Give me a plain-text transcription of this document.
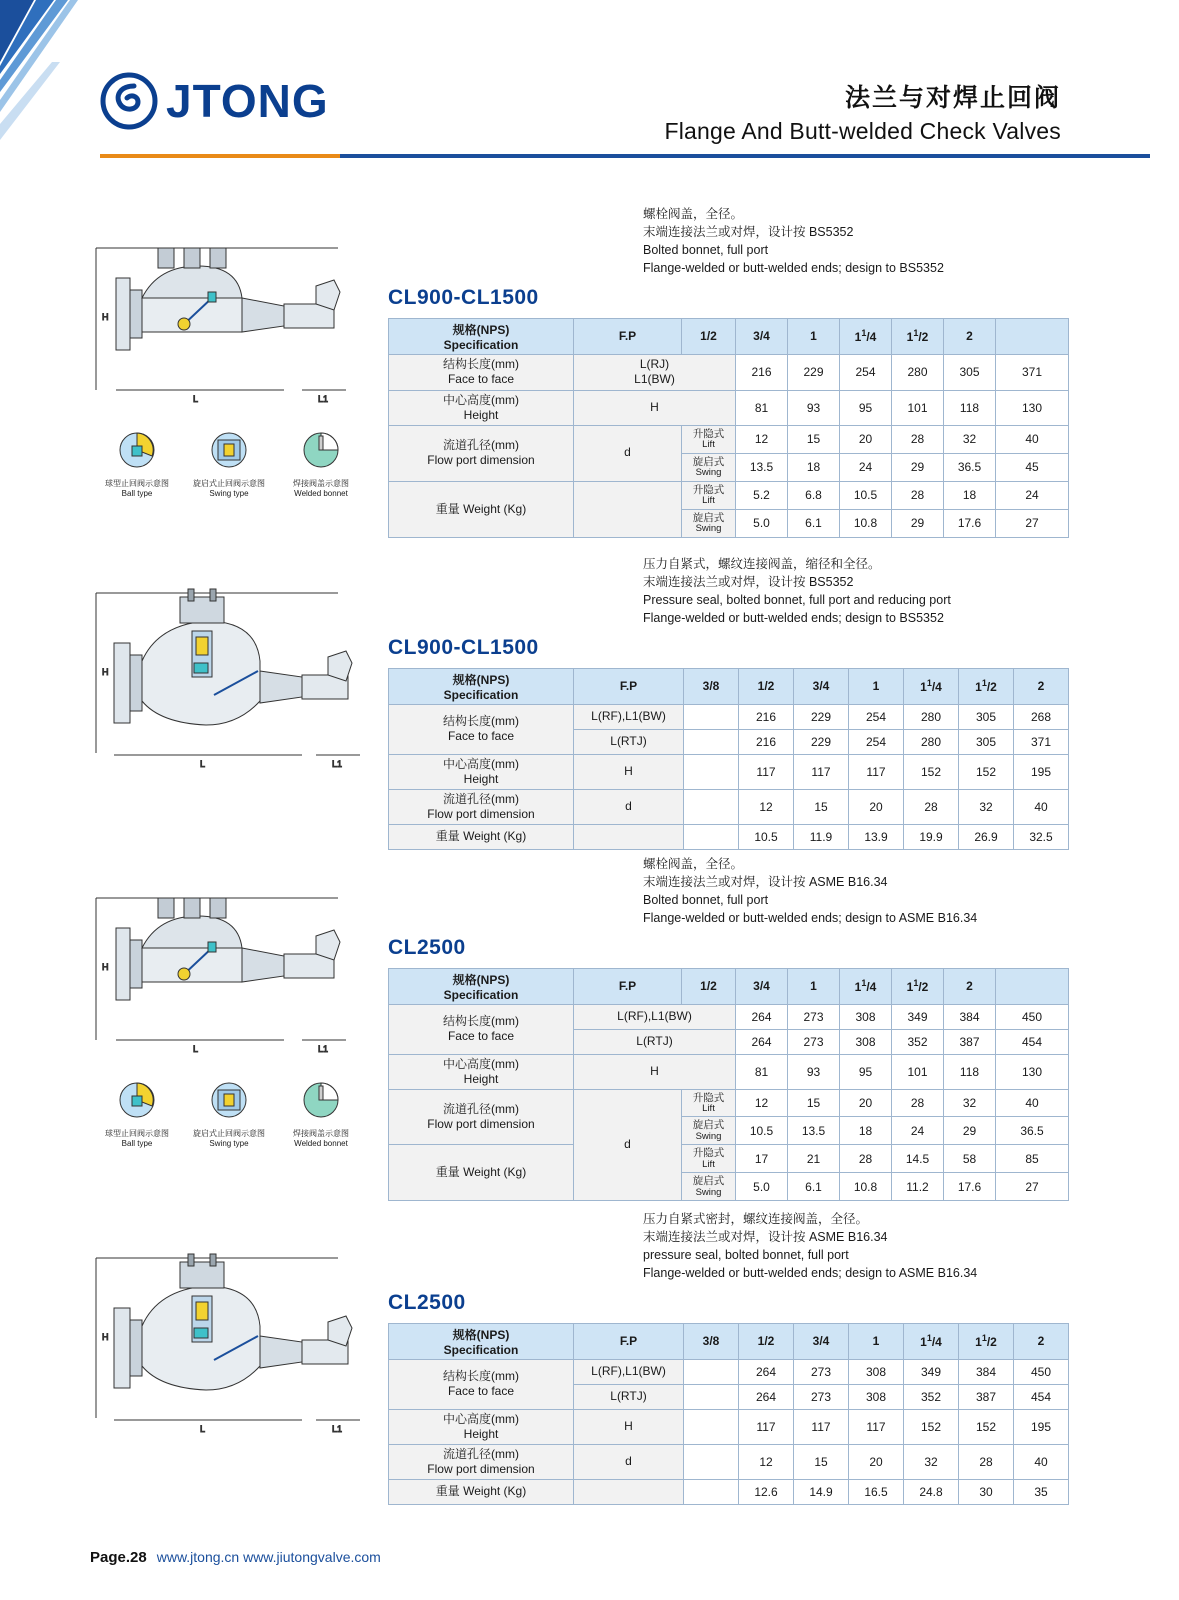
JTONG	法兰与对焊止回阀
Flange And Butt-welded Check Valves
螺栓阀盖，全径。
末端连接法兰或对焊，设计按 BS5352
Bolted bonnet, full port
Flange-welded or butt-welded ends; design to BS5352
CL900-CL1500
规格(NPS)
Specification	F.P	1/2	3/4	1	$1^1/4$	$1^1/2$	2		

结构长度(mm)
Face to face	L(RJ)
L1(BW)		216	229	254	280	305	371	

中心高度(mm)
Height	H		81	93	95	101	118	130	

流道孔径(mm)
Flow port dimension	d	升隐式
Lift	12	15	20	28	32	40	

		旋启式
Swing	13.5	18	24	29	36.5	45	

重量 Weight (Kg)		升隐式
Lift	5.2	6.8	10.5	28	18	24	

		旋启式
Swing	5.0	6.1	10.8	29	17.6	27	
H
L	L1
球型止回阀示意图
Ball type
旋启式止回阀示意图
Swing type
焊接阀盖示意图
Welded bonnet
压力自紧式，螺纹连接阀盖，缩径和全径。
末端连接法兰或对焊，设计按 BS5352
Pressure seal, bolted bonnet, full port and reducing port
Flange-welded or butt-welded ends; design to BS5352
CL900-CL1500
规格(NPS)
Specification	F.P	3/8	1/2	3/4	1	$1^1/4$	$1^1/2$	2

结构长度(mm)
Face to face	L(RF),L1(BW)		216	229	254	280	305	268
	L(RTJ)		216	229	254	280	305	371

中心高度(mm)
Height	H		117	117	117	152	152	195

流道孔径(mm)
Flow port dimension	d		12	15	20	28	32	40

重量 Weight (Kg)			10.5	11.9	13.9	19.9	26.9	32.5
H
L	L1
螺栓阀盖，全径。
末端连接法兰或对焊，设计按 ASME B16.34
Bolted bonnet, full port
Flange-welded or butt-welded ends; design to ASME B16.34
CL2500
规格(NPS)
Specification	F.P	1/2	3/4	1	$1^1/4$	$1^1/2$	2		

结构长度(mm)
Face to face	L(RF),L1(BW)		264	273	308	349	384	450	
	L(RTJ)		264	273	308	352	387	454	

中心高度(mm)
Height	H		81	93	95	101	118	130	

流道孔径(mm)
Flow port dimension	d	升隐式
Lift	12	15	20	28	32	40	

		旋启式
Swing	10.5	13.5	18	24	29	36.5	

重量 Weight (Kg)		升隐式
Lift	17	21	28	14.5	58	85	

		旋启式
Swing	5.0	6.1	10.8	11.2	17.6	27	
H
L	L1
球型止回阀示意图
Ball type
旋启式止回阀示意图
Swing type
焊接阀盖示意图
Welded bonnet
压力自紧式密封，螺纹连接阀盖，全径。
末端连接法兰或对焊，设计按 ASME B16.34
pressure seal, bolted bonnet, full port
Flange-welded or butt-welded ends; design to ASME B16.34
CL2500
规格(NPS)
Specification	F.P	3/8	1/2	3/4	1	$1^1/4$	$1^1/2$	2

结构长度(mm)
Face to face	L(RF),L1(BW)		264	273	308	349	384	450
	L(RTJ)		264	273	308	352	387	454

中心高度(mm)
Height	H		117	117	117	152	152	195

流道孔径(mm)
Flow port dimension	d		12	15	20	32	28	40

重量 Weight (Kg)			12.6	14.9	16.5	24.8	30	35
H
L	L1
Page.28 www.jtong.cn www.jiutongvalve.com
